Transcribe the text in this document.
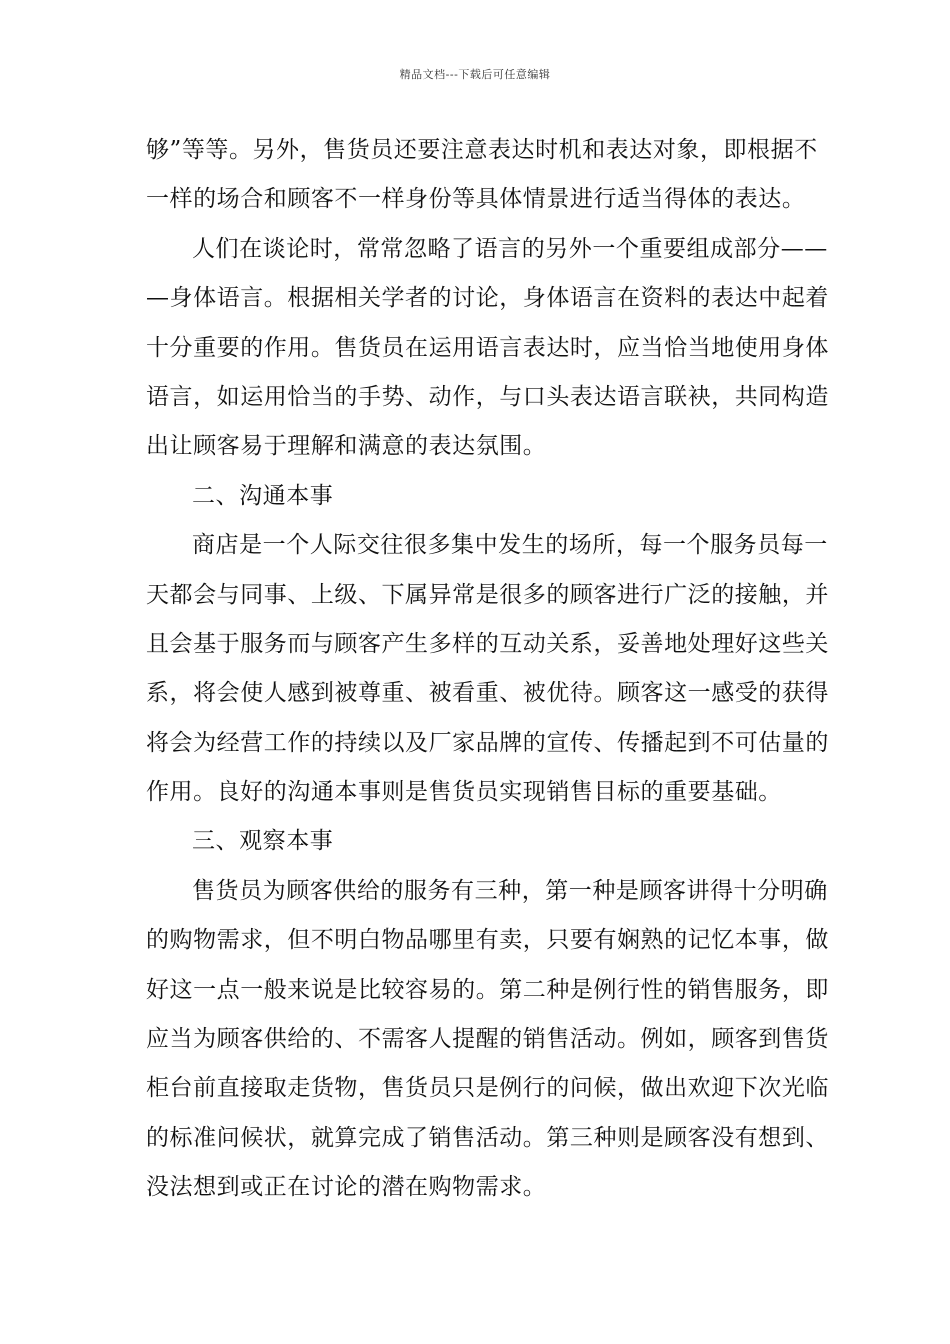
精品文档---下载后可任意编辑
够”等等。另外，售货员还要注意表达时机和表达对象，即根据不
一样的场合和顾客不一样身份等具体情景进行适当得体的表达。
人们在谈论时，常常忽略了语言的另外一个重要组成部分——
—身体语言。根据相关学者的讨论，身体语言在资料的表达中起着
十分重要的作用。售货员在运用语言表达时，应当恰当地使用身体
语言，如运用恰当的手势、动作，与口头表达语言联袂，共同构造
出让顾客易于理解和满意的表达氛围。
二、沟通本事
商店是一个人际交往很多集中发生的场所，每一个服务员每一
天都会与同事、上级、下属异常是很多的顾客进行广泛的接触，并
且会基于服务而与顾客产生多样的互动关系，妥善地处理好这些关
系，将会使人感到被尊重、被看重、被优待。顾客这一感受的获得
将会为经营工作的持续以及厂家品牌的宣传、传播起到不可估量的
作用。良好的沟通本事则是售货员实现销售目标的重要基础。
三、观察本事
售货员为顾客供给的服务有三种，第一种是顾客讲得十分明确
的购物需求，但不明白物品哪里有卖，只要有娴熟的记忆本事，做
好这一点一般来说是比较容易的。第二种是例行性的销售服务，即
应当为顾客供给的、不需客人提醒的销售活动。例如，顾客到售货
柜台前直接取走货物，售货员只是例行的问候，做出欢迎下次光临
的标准问候状，就算完成了销售活动。第三种则是顾客没有想到、
没法想到或正在讨论的潜在购物需求。
